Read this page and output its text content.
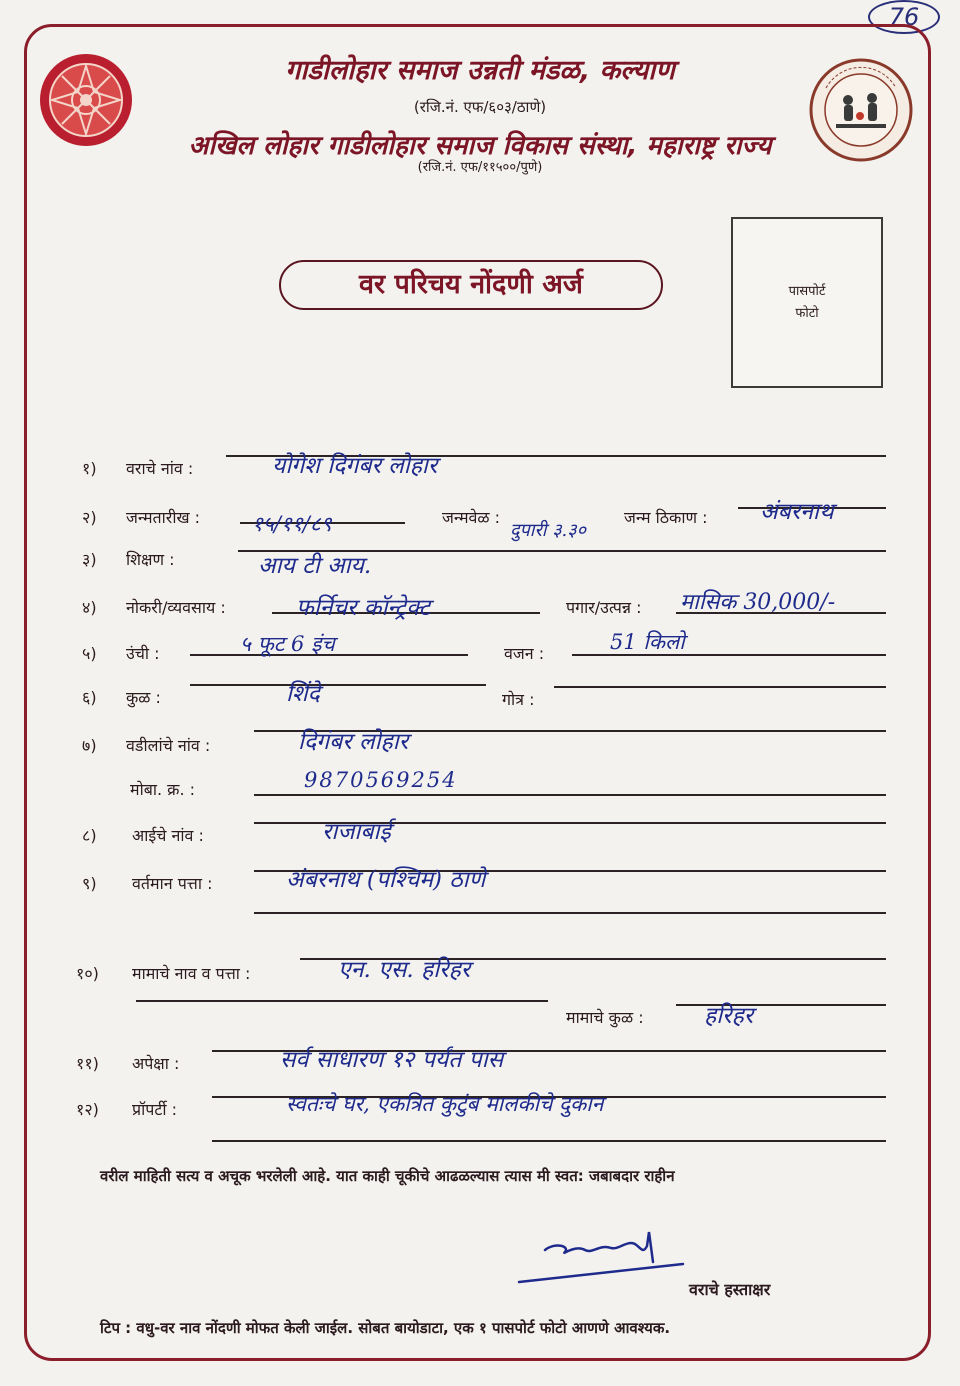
76
गाडीलोहार समाज उन्नती मंडळ, कल्याण
(रजि.नं. एफ/६०३/ठाणे)
अखिल लोहार गाडीलोहार समाज विकास संस्था, महाराष्ट्र राज्य
(रजि.नं. एफ/११५००/पुणे)
वर परिचय नोंदणी अर्ज	पासपोर्ट
फोटो
१) वराचे नांव :	योगेश दिगंबर लोहार
२) जन्मतारीख : १५/११/८९	जन्मवेळ :
दुपारी ३.३०
जन्म ठिकाण : अंबरनाथ
३) शिक्षण :	आय टी आय.
४) नोकरी/व्यवसाय :	फर्निचर कॉन्ट्रेक्ट	पगार/उत्पन्न : मासिक 30,000/-
५) उंची :	५ फूट 6 इंच	वजन :	51 किलो
६) कुळ :	शिंदे	गोत्र :
७) वडीलांचे नांव :	दिगंबर लोहार
मोबा. क्र. :	9870569254
८) आईचे नांव :	राजाबाई
९) वर्तमान पत्ता :	अंबरनाथ (पश्चिम) ठाणे
१०) मामाचे नाव व पत्ता :	एन. एस. हरिहर
मामाचे कुळ :	हरिहर
११) अपेक्षा :	सर्व साधारण १२ पर्यंत पास
१२) प्रॉपर्टी :	स्वतःचे घर, एकत्रित कुटुंब मालकीचे दुकान
वरील माहिती सत्य व अचूक भरलेली आहे. यात काही चूकीचे आढळल्यास त्यास मी स्वत: जबाबदार राहीन
वराचे हस्ताक्षर
टिप : वधु-वर नाव नोंदणी मोफत केली जाईल. सोबत बायोडाटा, एक १ पासपोर्ट फोटो आणणे आवश्यक.
